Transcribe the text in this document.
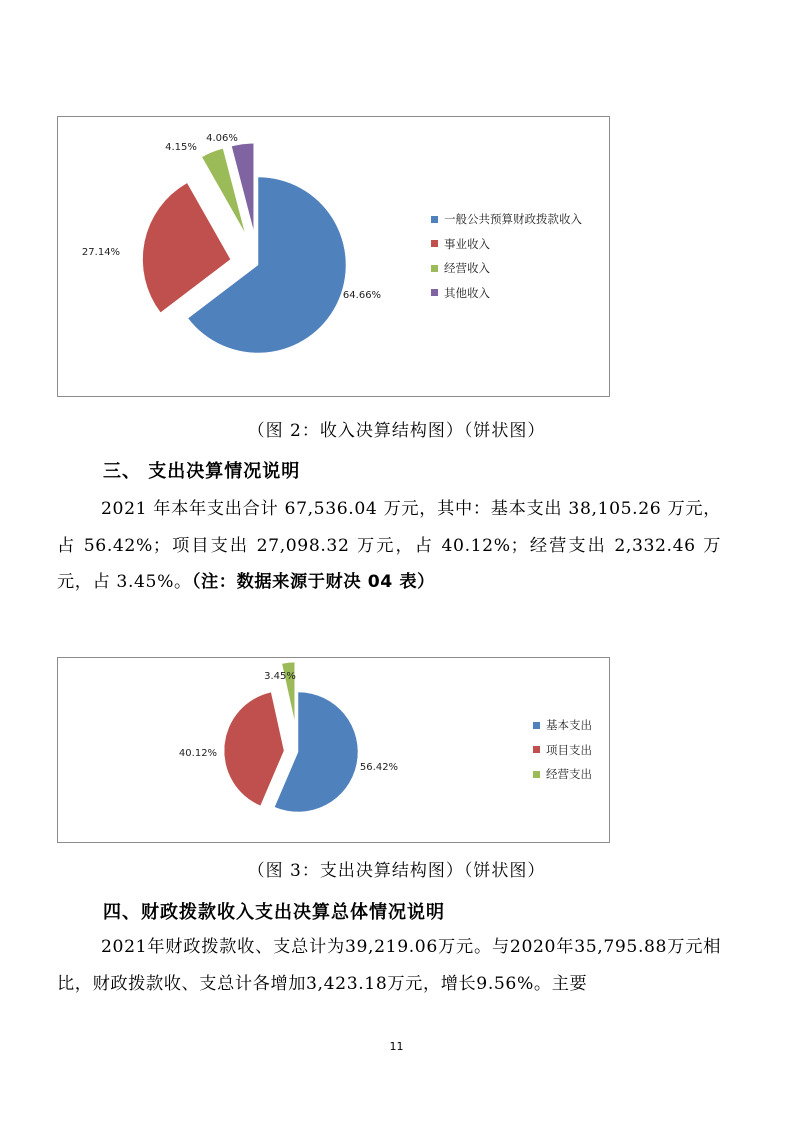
64.66%
27.14%
4.15%
4.06%
一般公共预算财政拨款收入
事业收入
经营收入
其他收入
（图 2：收入决算结构图）（饼状图）
三、 支出决算情况说明
2021 年本年支出合计 67,536.04 万元，其中：基本支出 38,105.26 万元，占 56.42%；项目支出 27,098.32 万元，占 40.12%；经营支出 2,332.46 万元，占 3.45%。（注：数据来源于财决 04 表）
56.42%
40.12%
3.45%
基本支出
项目支出
经营支出
（图 3：支出决算结构图）（饼状图）
四、财政拨款收入支出决算总体情况说明
2021年财政拨款收、支总计为39,219.06万元。与2020年35,795.88万元相比，财政拨款收、支总计各增加3,423.18万元，增长9.56%。主要
11
